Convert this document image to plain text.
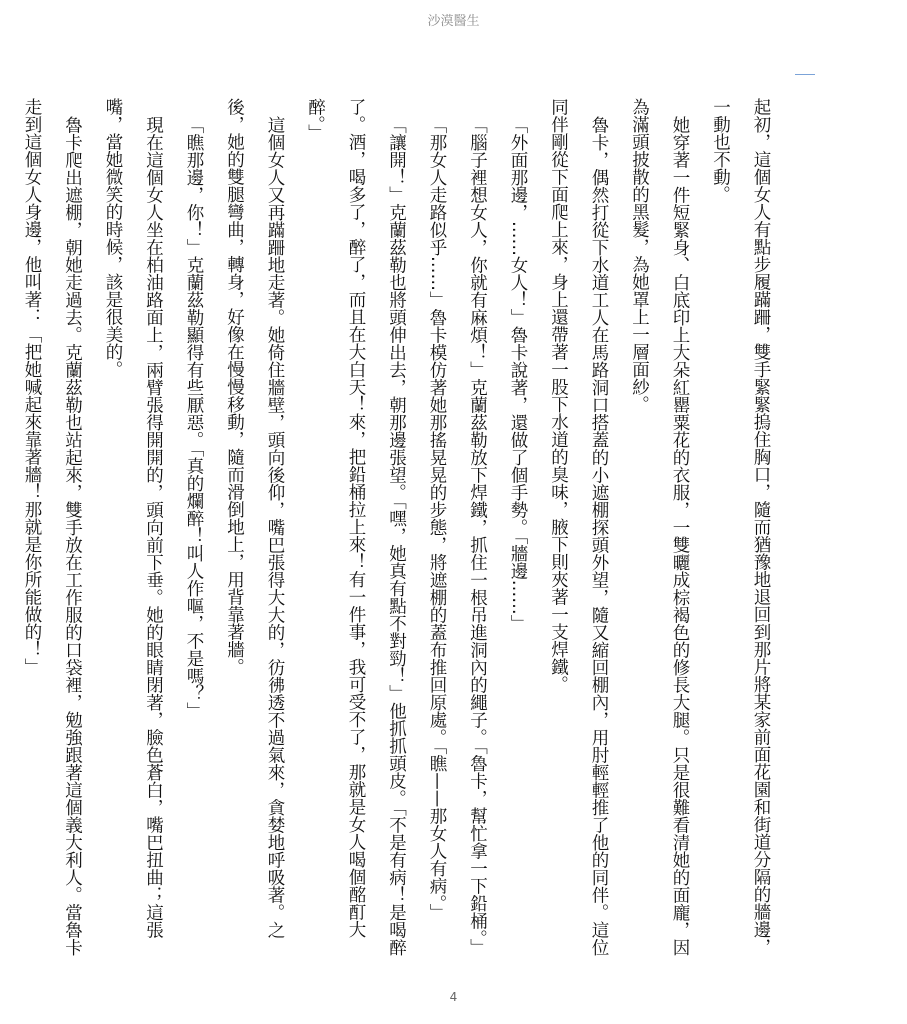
沙漠醫生

起初，這個女人有點步履蹣跚，雙手緊緊摀住胸口，隨而猶豫地退回到那片將某家前面花園和街道分隔的牆邊，一動也不動。

她穿著一件短緊身、白底印上大朵紅罌粟花的衣服，一雙曬成棕褐色的修長大腿。只是很難看清她的面龐，因為滿頭披散的黑髮，為她罩上一層面紗。

魯卡，偶然打從下水道工人在馬路洞口搭蓋的小遮棚探頭外望，隨又縮回棚內，用肘輕輕推了他的同伴。這位同伴剛從下面爬上來，身上還帶著一股下水道的臭味，腋下則夾著一支焊鐵。

「外面那邊，……女人！」魯卡說著，還做了個手勢。「牆邊……」

「腦子裡想女人，你就有麻煩！」克蘭茲勒放下焊鐵，抓住一根吊進洞內的繩子。「魯卡，幫忙拿一下鉛桶。」

「那女人走路似乎……」魯卡模仿著她那搖晃晃的步態，將遮棚的蓋布推回原處。「瞧——那女人有病。」

「讓開！」克蘭茲勒也將頭伸出去，朝那邊張望。「嘿，她真有點不對勁！」他抓抓頭皮。「不是有病！是喝醉了。酒，喝多了，醉了，而且在大白天！來，把鉛桶拉上來！有一件事，我可受不了，那就是女人喝個酩酊大醉。」

這個女人又再蹣跚地走著。她倚住牆壁，頭向後仰，嘴巴張得大大的，彷彿透不過氣來，貪婪地呼吸著。之後，她的雙腿彎曲，轉身，好像在慢慢移動，隨而滑倒地上，用背靠著牆。

「瞧那邊，你！」克蘭茲勒顯得有些厭惡。「真的爛醉！叫人作嘔，不是嗎？」

現在這個女人坐在柏油路面上，兩臂張得開開的，頭向前下垂。她的眼睛閉著，臉色蒼白，嘴巴扭曲；這張嘴，當她微笑的時候，該是很美的。

魯卡爬出遮棚，朝她走過去。克蘭茲勒也站起來，雙手放在工作服的口袋裡，勉強跟著這個義大利人。當魯卡走到這個女人身邊，他叫著：「把她喊起來靠著牆！那就是你所能做的！」

4
